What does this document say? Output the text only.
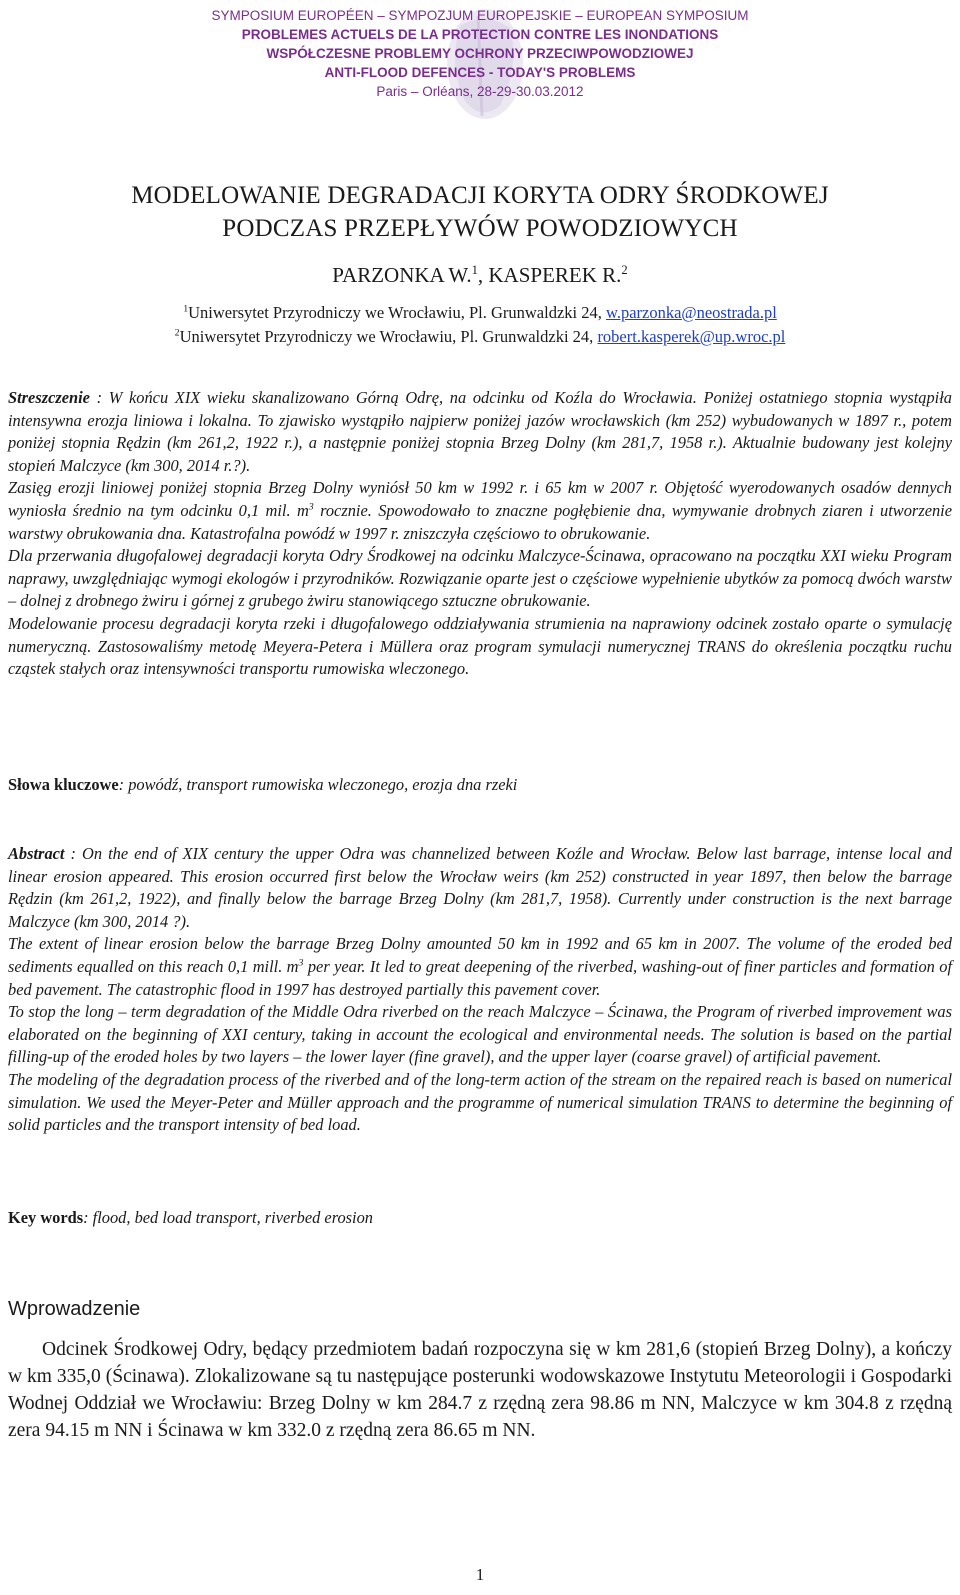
SYMPOSIUM EUROPÉEN – SYMPOZJUM EUROPEJSKIE – EUROPEAN SYMPOSIUM
PROBLEMES ACTUELS DE LA PROTECTION CONTRE LES INONDATIONS
WSPÓŁCZESNE PROBLEMY OCHRONY PRZECIWPOWODZIOWEJ
ANTI-FLOOD DEFENCES - TODAY'S PROBLEMS
Paris – Orléans, 28-29-30.03.2012
MODELOWANIE DEGRADACJI KORYTA ODRY ŚRODKOWEJ
PODCZAS PRZEPŁYWÓW POWODZIOWYCH
PARZONKA W.$^1$, KASPEREK R.$^2$
$^1$Uniwersytet Przyrodniczy we Wrocławiu, Pl. Grunwaldzki 24, w.parzonka@neostrada.pl
$^2$Uniwersytet Przyrodniczy we Wrocławiu, Pl. Grunwaldzki 24, robert.kasperek@up.wroc.pl

Streszczenie : W końcu XIX wieku skanalizowano Górną Odrę, na odcinku od Koźla do Wrocławia. Poniżej ostatniego stopnia wystąpiła intensywna erozja liniowa i lokalna. To zjawisko wystąpiło najpierw poniżej jazów wrocławskich (km 252) wybudowanych w 1897 r., potem poniżej stopnia Rędzin (km 261,2, 1922 r.), a następnie poniżej stopnia Brzeg Dolny (km 281,7, 1958 r.). Aktualnie budowany jest kolejny stopień Malczyce (km 300, 2014 r.?).

Zasięg erozji liniowej poniżej stopnia Brzeg Dolny wyniósł 50 km w 1992 r. i 65 km w 2007 r. Objętość wyerodowanych osadów dennych wyniosła średnio na tym odcinku 0,1 mil. $m^3$ rocznie. Spowodowało to znaczne pogłębienie dna, wymywanie drobnych ziaren i utworzenie warstwy obrukowania dna. Katastrofalna powódź w 1997 r. zniszczyła częściowo to obrukowanie.

Dla przerwania długofalowej degradacji koryta Odry Środkowej na odcinku Malczyce-Ścinawa, opracowano na początku XXI wieku Program naprawy, uwzględniając wymogi ekologów i przyrodników. Rozwiązanie oparte jest o częściowe wypełnienie ubytków za pomocą dwóch warstw – dolnej z drobnego żwiru i górnej z grubego żwiru stanowiącego sztuczne obrukowanie.

Modelowanie procesu degradacji koryta rzeki i długofalowego oddziaływania strumienia na naprawiony odcinek zostało oparte o symulację numeryczną. Zastosowaliśmy metodę Meyera-Petera i Müllera oraz program symulacji numerycznej TRANS do określenia początku ruchu cząstek stałych oraz intensywności transportu rumowiska wleczonego.

Słowa kluczowe: powódź, transport rumowiska wleczonego, erozja dna rzeki

Abstract : On the end of XIX century the upper Odra was channelized between Koźle and Wrocław. Below last barrage, intense local and linear erosion appeared. This erosion occurred first below the Wrocław weirs (km 252) constructed in year 1897, then below the barrage Rędzin (km 261,2, 1922), and finally below the barrage Brzeg Dolny (km 281,7, 1958). Currently under construction is the next barrage Malczyce (km 300, 2014 ?).

The extent of linear erosion below the barrage Brzeg Dolny amounted 50 km in 1992 and 65 km in 2007. The volume of the eroded bed sediments equalled on this reach 0,1 mill. $m^3$ per year. It led to great deepening of the riverbed, washing-out of finer particles and formation of bed pavement. The catastrophic flood in 1997 has destroyed partially this pavement cover.

To stop the long – term degradation of the Middle Odra riverbed on the reach Malczyce – Ścinawa, the Program of riverbed improvement was elaborated on the beginning of XXI century, taking in account the ecological and environmental needs. The solution is based on the partial filling-up of the eroded holes by two layers – the lower layer (fine gravel), and the upper layer (coarse gravel) of artificial pavement.

The modeling of the degradation process of the riverbed and of the long-term action of the stream on the repaired reach is based on numerical simulation. We used the Meyer-Peter and Müller approach and the programme of numerical simulation TRANS to determine the beginning of solid particles and the transport intensity of bed load.

Key words: flood, bed load transport, riverbed erosion
Wprowadzenie
Odcinek Środkowej Odry, będący przedmiotem badań rozpoczyna się w km 281,6 (stopień Brzeg Dolny), a kończy w km 335,0 (Ścinawa). Zlokalizowane są tu następujące posterunki wodowskazowe Instytutu Meteorologii i Gospodarki Wodnej Oddział we Wrocławiu: Brzeg Dolny w km 284.7 z rzędną zera 98.86 m NN, Malczyce w km 304.8 z rzędną zera 94.15 m NN i Ścinawa w km 332.0 z rzędną zera 86.65 m NN.
1
